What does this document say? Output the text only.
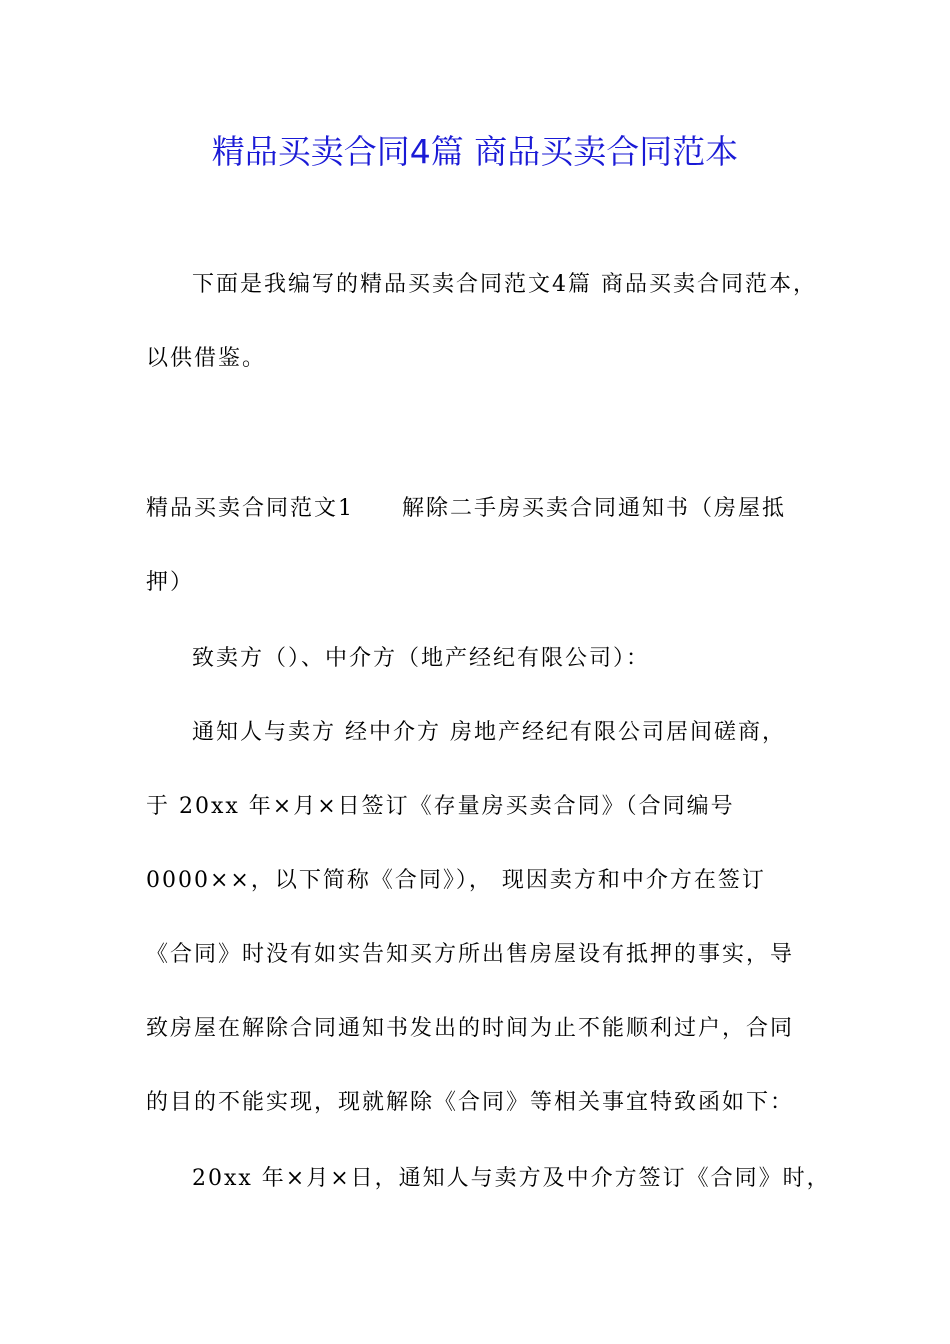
精品买卖合同4篇 商品买卖合同范本
下面是我编写的精品买卖合同范文4篇 商品买卖合同范本，
以供借鉴。
精品买卖合同范文1　　解除二手房买卖合同通知书（房屋抵
押）
致卖方（）、中介方（地产经纪有限公司）：
通知人与卖方 经中介方 房地产经纪有限公司居间磋商，
于 20xx 年×月×日签订《存量房买卖合同》（合同编号
0000××，以下简称《合同》）， 现因卖方和中介方在签订
《合同》时没有如实告知买方所出售房屋设有抵押的事实，导
致房屋在解除合同通知书发出的时间为止不能顺利过户，合同
的目的不能实现，现就解除《合同》等相关事宜特致函如下：
20xx 年×月×日，通知人与卖方及中介方签订《合同》时，
